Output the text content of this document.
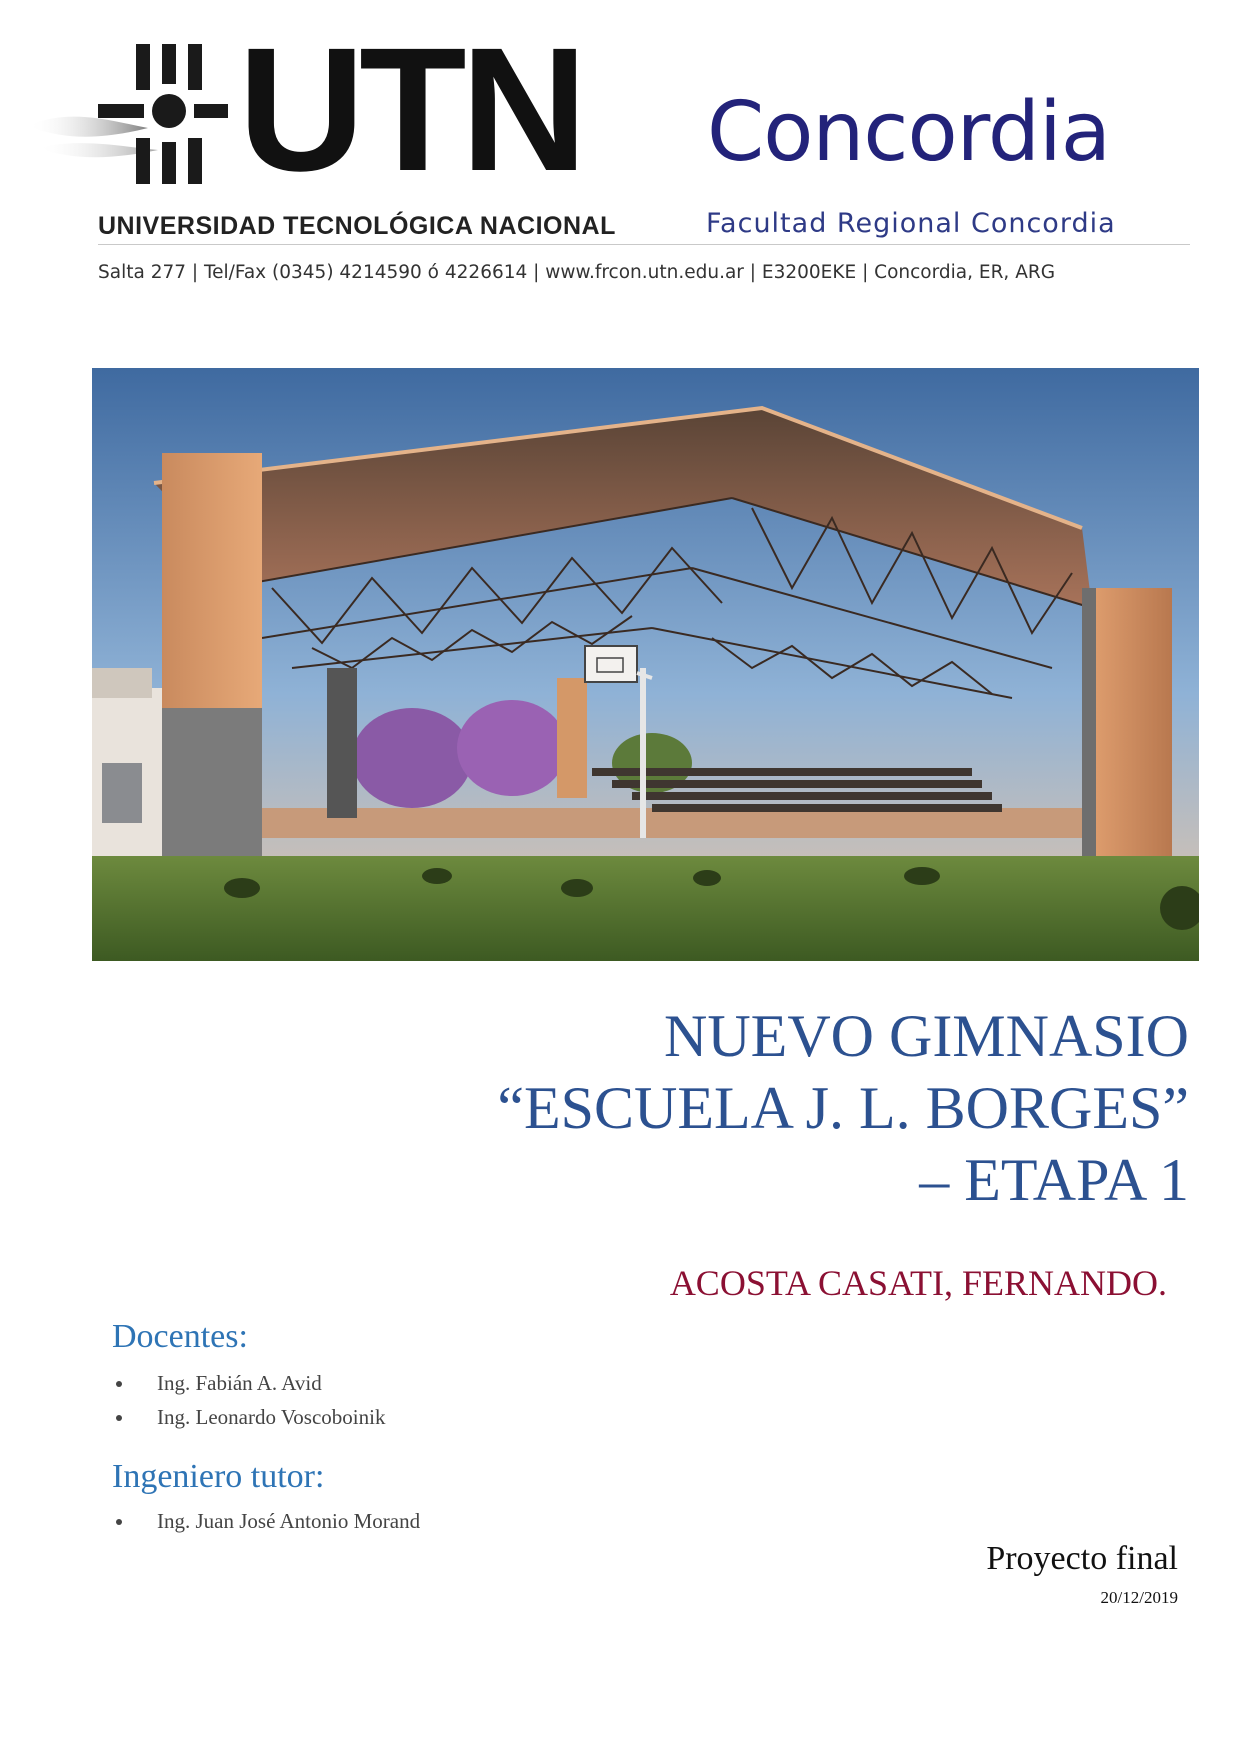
UTN Concordia
UNIVERSIDAD TECNOLÓGICA NACIONAL	Facultad Regional Concordia
Salta 277 | Tel/Fax (0345) 4214590 ó 4226614 | www.frcon.utn.edu.ar | E3200EKE | Concordia, ER, ARG
NUEVO GIMNASIO
“ESCUELA J. L. BORGES”
– ETAPA 1
ACOSTA CASATI, FERNANDO.
Docentes:
Ing. Fabián A. Avid
Ing. Leonardo Voscoboinik
Ingeniero tutor:
Ing. Juan José Antonio Morand
Proyecto final
20/12/2019
